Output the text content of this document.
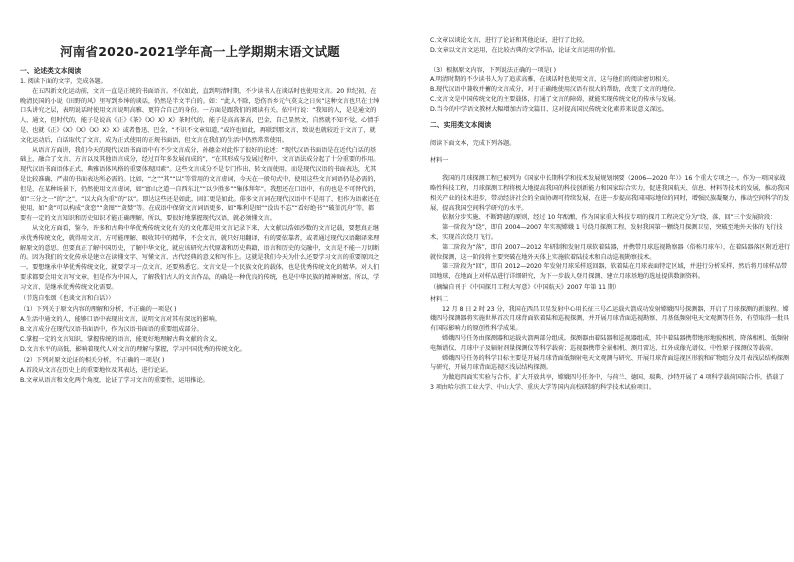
河南省2020-2021学年高一上学期期末语文试题
一、论述类文本阅读

1. 阅读下面的文字，完成各题。

在五四新文化运动前，文言一直是正统的书面语言。不仅如此，直到明清时期，不少读书人在谈话时也使用文言。20 世纪初，在晚清民国的小说《田野的风》里写到乡绅的谈话，仍然是半文半白的。如：“此人不除，恐伤吾乡元气莫支之日矣”这种文言也只在士绅口头讲究之层，表明说话时使用文言说明高雅、更符合自己的身份。一方面是跟我们的阅读有关。依中行说：“我知的人，是是通文的人，通文，但时代的，能子是说高《正》《茶》《X》X》X》茶时代的，能子是高高茶高，巴金，自己显然文，自然就不知不觉，心情手是，也就《正》《X》《X》《X》X》X》或者鲁迅、巴金，“不识不文章知道，”或许也如此，再联到那文言，致说也就较近于文言了，就文化运动后，白话取代了文言，成为正式使用的正规书面语，但文言在我们的生活中仍然常常使用。

从语言方面讲，我们今天的现代汉语书面语中有不少文言成分，孙德金对此作了很好的论述：“现代汉语书面语是在近代白话的基础上，融合了文言、方言以及其他语言成分，经过百年多发展而成的”，“在其形成与发展过程中，文言语法成分起了十分重要的作用。现代汉语书面语体正式、典雅语体风格的重要体现因素”。这些文言成分不是专门作出，转文而使用，而是现代汉语的书面表达，尤其是比较准确、严肃的书面表达所必需的。比如，“之”“其”“以”等常用的文言虚词，今天在一般句式中，使用这些文言词语仍是必需的，但是，在某种场景下，仍然使用文言虚词，如“富山之道一自西东北”“以少胜多”“集体拜年”。我想还在口语中，有的也是不可替代的，如“三分之一”的“之”，“以大向为重”的“以”。即达这些还是如此，固汇更是如此。俳多文言词在现代汉语中不是用了，但作为语素还在使用，如“贪”可以构成“贪恋”“贪图”“贪婪”等。在成语中保留文言词语更多，如“唯利是图”“没齿不忘”“看好绝书”“破釜沉舟”等，都要有一定的文言知识和历史知识才能正确理解。所以，要很好地掌握现代汉语，就必须懂文言。

从文化方面看，鉴今，许多和古典中华优秀传统文化有关的文化都是用文言记录下来，大文献以浩如沙数的文言记载，要想真正继承优秀传统文化，就得用文言，方可能理解、吸收其中的精华，不会文言，就只好用翻译，有的要依靠者，或者通过现代汉语翻译来理解原文的意思。但要真正了解中国历史，了解中华文化，就应该研究古代原著和历史典籍，语言和历史的交融中，文言是不能一刀切断的。因为我们的文化传承是建立在读懂文字、写懂文言、古代经典的意义和写作上。这就是我们今天为什么还要学习文言的重要原因之一。要想继承中华优秀传统文化，就要学习一点文言，还要熟悉它。文言文是一个民族文化的载体，也是优秀传统文化的精华。对人们要求都要会用文言写文章，但是作为中国人，了解我们古人的文言作品，的确是一种优良的传统，也是中华民族的精神财富。所以，学习文言，是继承优秀传统文化需要。

（节选自张颂《也谈文言和白话》）

（1）下列关于原文内容的理解和分析，不正确的一项是( )

A.生活中通文的人，能够口语中表现出文言，说明文言对其有深远的影响。

B.文言成分在现代汉语书面语中，作为汉语书面语的重要组成部分。

C.掌握一定的文言知识，掌握传统的语言，能更好地理解古典文献的含义。

D.文言水平的高低，影响着现代人对文言的理解与掌握，学习中国优秀的传统文化。

（2）下列对原文论证的相关分析，不正确的一项是( )

A.首段从文言在历史上的重要地位及其表达，进行论证。

B.文章从语言和文化两个角度，论证了学习文言的重要性，运用推论。

C.文章以谈论文言，进行了论证和其他论证，进行了比较。

D.文章以文言文运用，在比较古典的文学作品，论证文言运用的价值。

（3）根据原文内容，下列说法正确的一项是( )

A.明清时期的不少读书人为了追求高雅，在谈话时也使用文言，这与他们的阅读密切相关。

B.现代汉语中兼收并蓄的文言成分，对于正确地使用汉语有很大的帮助，改变了文言的地位。

C.文言文是中国传统文化的主要载体，打通了文言的障碍，就能实现传统文化的传承与发展。

D.当今的中学语文教材大幅增加古诗文篇目，这对提高国民传统文化素养来说意义深远。

二、实用类文本阅读

阅读下面文本，完成下列各题。

材料一

我国的月球探测工程已被列为《国家中长期科学和技术发展规划纲要（2006—2020 年）》16 个重大专项之一。作为一项国家战略性科技工程，月球探测工程将极大地提高我国的科技创新能力和国家综合实力，促进我国航天、信息、材料等技术的发展，推动我国相关产业的技术进步，带动经济社会的全面协调可持续发展，在进一步提高我国国际地位的同时，增强民族凝聚力，推动空间科学的发展，提高我国空间科学研究的水平。

依据分步实施、不断跨越的原则，经过 10 年酝酿，作为国家重大科技专项的探月工程决定分为“绕、落、回”三个发展阶段：

第一阶段为“绕”，即自 2004—2007 年实现嫦娥 1 号绕月探测工程，发射我国第一颗绕月探测卫星，突破至地外天体的飞行技术，实现首次绕月飞行。

第二阶段为“落”，即自 2007—2012 年研制和发射月球软着陆器，并携带月球巡视勘察器（俗称月球车），在着陆器落区附近进行就位探测，这一阶段将主要突破在地外天体上实施软着陆技术和自动巡视勘察技术。

第三阶段为“回”，即自 2012—2020 年发射月球采样返回器，软着陆在月球表面特定区域，并进行分析采样，然后将月球样品带回地球，在地面上对样品进行详细研究，为下一步载人登月探测、建立月球基地的选址提供数据资料。

（摘编自刊于《中国探月工程大写意》《中国航天》2007 年第 11 期）

材料二

12 月 8 日 2 时 23 分，我国在西昌卫星发射中心用长征三号乙运载火箭成功发射嫦娥四号探测器，开启了月球探测的新旅程。嫦娥四号探测器将实施世界首次月球背面软着陆和巡视探测，并开展月球背面巡视勘察、月基低频射电天文观测等任务，有望取得一批具有国际影响力的原创性科学成果。

嫦娥四号任务由探测器和运载火箭两部分组成。探测器由着陆器和巡视器组成，其中着陆器携带地形地貌相机、降落相机、低频射电频谱仪、月球中子及辐射剂量探测仪等科学载荷；巡视器携带全景相机、测月雷达、红外成像光谱仪、中性原子探测仪等载荷。

嫦娥四号任务的科学目标主要是开展月球背面低频射电天文观测与研究、开展月球背面巡视区形貌和矿物组分及月表浅层结构探测与研究，开展月球背面巡视区浅层结构探测。

为做追四面实实验与合作，扩大开放共享，嫦娥四号任务中，与荷兰、德国、瑞典、沙特开展了 4 项科学载荷国际合作，搭载了 3 项由哈尔滨工业大学、中山大学、重庆大学等国内高校研制的科学技术试验项目。
